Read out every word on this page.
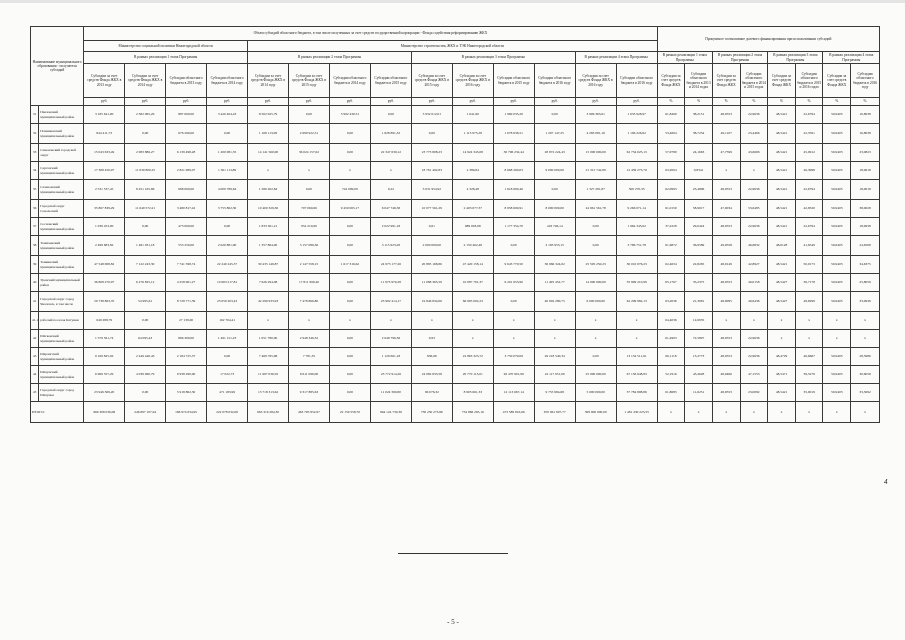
Наименование муниципального образования - получателя субсидий		Объем субсидий областного бюджета, в том числе полученных за счет средств государственной корпорации - Фонда содействия реформированию ЖКХ														Процентное соотношение долевого финансирования при использовании субсидий							
		Министерство социальной политики Нижегородской области				Министерство строительства, ЖКХ и ТЭК Нижегородской области																	
		В рамках реализации 1 этапа Программы				В рамках реализации 2 этапа Программы				В рамках реализации 3 этапа Программы				В рамках реализации 4 этапа Программы		В рамках реализации 1 этапа Программы		В рамках реализации 2 этапа Программы		В рамках реализации 3 этапа Программы		В рамках реализации 4 этапа Программы	
		Субсидии за счет средств Фонда ЖКХ в 2013 году	Субсидии за счет средств Фонда ЖКХ в 2014 году	Субсидии областного бюджета в 2013 году	Субсидии областного бюджета в 2014 году	Субсидии за счет средств Фонда ЖКХ в 2014 году	Субсидии за счет средств Фонда ЖКХ в 2015 году	Субсидии областного бюджета в 2014 году	Субсидии областного бюджета в 2015 году	Субсидии за счет средств Фонда ЖКХ в 2015 году	Субсидии за счет средств Фонда ЖКХ в 2016 году	Субсидии областного бюджета в 2015 году	Субсидии областного бюджета в 2016 году	Субсидии за счет средств Фонда ЖКХ в 2016 году	Субсидии областного бюджета в 2016 году	Субсидии за счет средств Фонда ЖКХ	Субсидии областного бюджета в 2013 и 2014 годах	Субсидии за счет средств Фонда ЖКХ	Субсидии областного бюджета в 2014 и 2015 годах	Субсидии за счет средств Фонда ЖКХ	Субсидии областного бюджета в 2015 и 2016 годах	Субсидии за счет средств Фонда ЖКХ	Субсидии областного бюджета в 2016 году
		руб.	руб.	руб.	руб.	руб.	руб.	руб.	руб.	руб.	руб.	руб.	руб.	руб.	руб.	%	%	%	%	%	%	%	%
31	Павловский муниципальный район	3 185 641,00	2 382 065,29	887 600,00	3 420 404,43	8 502 925,79	0,00	3 992 430,51	0,00	3 932 012,01	1 641,90	1 969 035,20	0,00	3 906 363,91	1 633 928,97	61,8490	38,2151	48,9553	22,9636	48,5421	22,6794	50,9403	10,8038
32	Починковский муниципальный район	844 411,73	0,00	676 290,00	0,00	1 168 113,09	2 699 922,31	0,00	1 828 891,32	0,00	1 113 975,28	1 678 636,51	1 297 147,25	4 283 081,16	1 106 226,62	53,4604	38,7234	49,1107	23,4466	48,5421	22,3591	50,9403	16,8038
33	Семеновский городской округ	15 043 633,49	2 083 886,27	6 139 498,28	1 200 081,35	14 141 560,00	36 024 157,02	0,00	22 347 630,12	23 773 808,23	14 924 345,08	30 796 232,44	28 872 224,43	15 000 000,00	62 734 025,13	57,0780	24,1663	47,7599	43,6606	48,5421	45,0912	50,9403	23,0823
34	Сергачский муниципальный район	17 368 450,97	11 630 800,25	2 821 989,07	1 301 113,89	x	x	x	x	18 761 492,83	x 389,84	8 668 269,03	9 000 000,00	21 315 742,89	12 439 273,79	63,2004	0,8341	x	x	48,5421	46,3998	50,9403	18,9618
35	Сеченовский муниципальный район	2 531 537,45	8 451 165,86	668 000,00	4 009 789,64	1 580 202,84	0,00	742 099,09	0,22	3 031 954,92	4 328,48	1 618 600,46	0,00	1 327 281,87	500 270,33	62,0993	23,4806	48,9553	22,9636	48,5421	22,6794	50,9403	18,0018
36	Городской округ Сокольский	35 867 839,29	11 649 572,21	3 480 817,42	3 755 862,30	10 400 329,30	707 060,66	9 459 065,17	6 047 746,58	10 077 561,29	2 403 077,37	8 958 600,91	8 000 000,00	24 961 561,78	9 266 071,14	61,0150	58,9017	47,0034	53,6485	48,5421	42,8320	50,9403	38,0028
37	Сосновский муниципальный район	1 039 453,00	0,00	473 000,00	0,00	1 833 361,21	952 210,60	0,00	2 022 991,18	0,61	989 093,68	1 177 354,70	418 746,14	0,00	1 964 345,02	37,2228	29,0424	48,9553	22,9636	48,5421	22,6794	50,9403	18,9938
38	Тоншаевский муниципальный район	2 499 683,82	1 481 031,18	553 250,00	2 020 881,00	1 357 864,00	3 157 089,36	0,00	3 115 923,28	2 000 000,00	2 150 462,48	0,00	2 183 953,15	0,00	3 786 751,78	61,6872	36,9589	49,9558	46,6832	48,6128	41,6549	50,6403	24,6568
39	Тонкинский муниципальный район	47 548 008,82	7 122 243,30	7 741 598,74	22 240 245,37	30 435 149,87	2 147 558,15	1 617 316,62	24 973 177,26	20 895 168,86	47 420 158,14	9 643 770,50	30 966 324,02	25 595 250,23	30 010 076,23	62,4634	22,8265	48,9149	42,8927	48,5421	50,0173	50,9403	34,6375
40	Уренский муниципальный район	36 808 270,97	6 276 825,12	4 258 061,27	10 663 217,81	7 626 294,08	17 811 990,40	0,00	11 973 979,28	11 088 365,59	10 087 791,37	6 201 653,90	11 495 452,77	14 000 000,00	35 999 210,99	65,1767	35,2375	48,9553	40,0158	48,5427	36,7178	50,9403	25,8059
41	Городской округ город Чкаловск, в том числе	50 738 863,70	54 995,61	8 729 771,39	23 059 203,43	42 290 933,93	7 478 866,80	0,00	23 992 414,17	19 846 834,06	66 905 002,23	0,00	40 092 280,75	6 000 000,00	62 299 982,13	63,2036	21,3081	48,0095	49,6436	48,5427	49,8299	50,9403	33,9936
41.1	рабочий поселок Катунки	649 288,79	0,00	27 139,00	162 764,41	x	x	x	x	x	x	x	x	x	x	64,4036	12,6935	x	x	x	x	x	x
42	Шатковский муниципальный район	1 579 561,74	64 095,43	866 300,00	1 491 151,23	1 051 780,00	2 948 346,32	0,00	2 648 796,36	0,93	x	x	x	x	x	61,4903	72,5897	48,9553	22,9636	x	x	x	x
43	Шарангский муниципальный район	9 169 825,02	2 449 440,43	2 184 725,37	0,00	7 469 795,98	7 781,35	0,00	1 129 661,18	836,99	22 863 323,72	3 750 079,09	26 218 540,34	0,00	13 134 511,91	60,1118	13,2773	48,9553	22,9636	48,4729	46,6667	50,9403	28,5986
44	Шахунский муниципальный район	6 969 357,29	4 039 060,79	9 938 290,00	17 022,73	11 997 030,59	8 611 096,00	0,00	23 772 914,26	24 082 833,58	20 770 113,01	26 470 901,99	22 117 951,09	25 000 000,00	67 156 648,83	52,1916	43,4628	48,9466	47,1553	48,5471	39,5279	50,9403	30,6058
45	Городской округ город Шахунья	23 946 369,20	0,00	5 918 862,30	471 183,99	13 718 313,62	9 317 885,63	0,00	11 024 390,80	96 076,32	8 903 661,33	12 113 667,14	9 755 984,68	5 000 000,00	37 784 808,86	61,8685	11,6251	48,9553	23,0082	48,5421	35,9019	50,9403	33,5092
ИТОГО:		966 308 036,08	246 897 107,94	186 974 634,95	222 078 032,06	663 316 284,30	463 795 852,97	22 159 558,70	964 124 730,36	730 250 273,86	734 866 295,16	473 589 816,66	670 961 697,77	399 000 000,00	1 481 430 223,55	x	x	x	x	x	x	x	x
- 5 -
4
